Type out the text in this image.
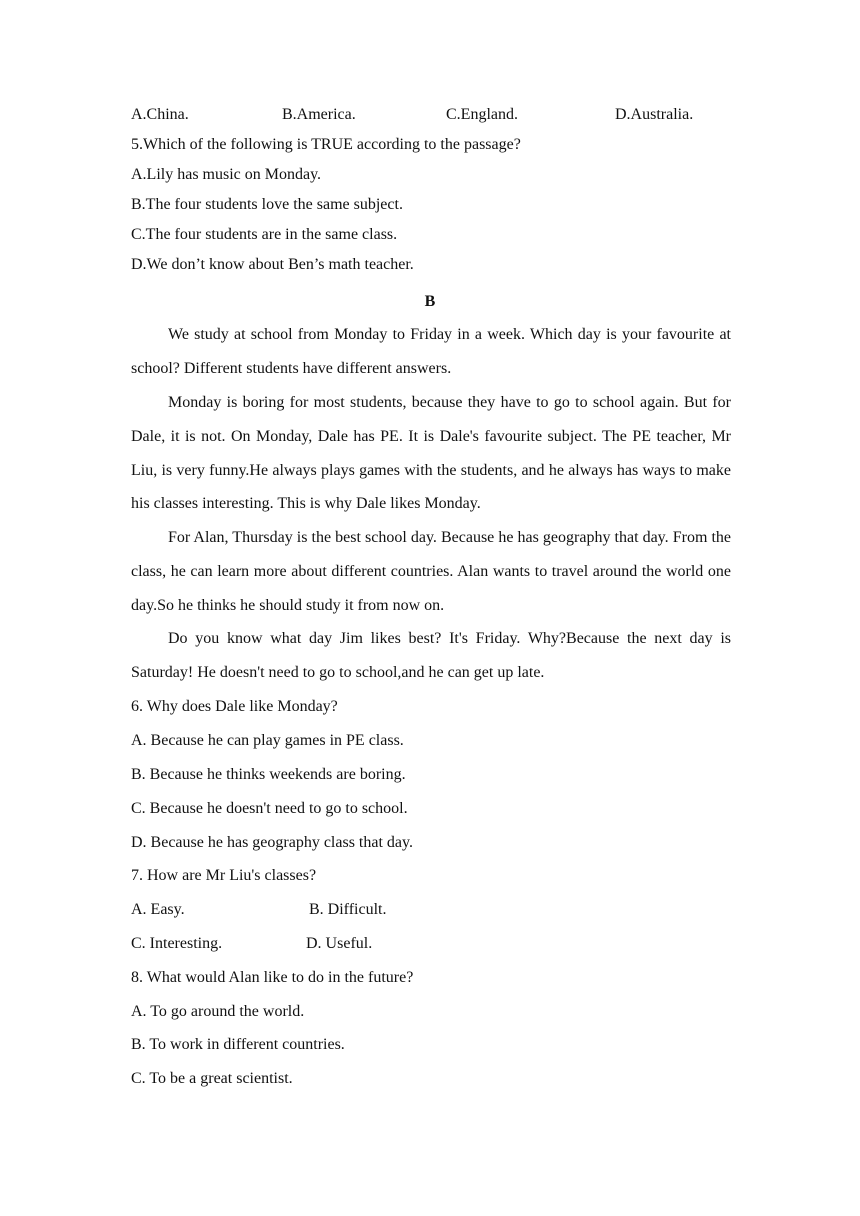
A.China.	B.America.	C.England.	D.Australia.
5.Which of the following is TRUE according to the passage?
A.Lily has music on Monday.
B.The four students love the same subject.
C.The four students are in the same class.
D.We don’t know about Ben’s math teacher.
B
We study at school from Monday to Friday in a week. Which day is your favourite at school? Different students have different answers.
Monday is boring for most students, because they have to go to school again. But for Dale, it is not. On Monday, Dale has PE. It is Dale's favourite subject. The PE teacher, Mr Liu, is very funny.He always plays games with the students, and he always has ways to make his classes interesting. This is why Dale likes Monday.
For Alan, Thursday is the best school day. Because he has geography that day. From the class, he can learn more about different countries. Alan wants to travel around the world one day.So he thinks he should study it from now on.
Do you know what day Jim likes best? It's Friday. Why?Because the next day is Saturday! He doesn't need to go to school,and he can get up late.
6. Why does Dale like Monday?
A. Because he can play games in PE class.
B. Because he thinks weekends are boring.
C. Because he doesn't need to go to school.
D. Because he has geography class that day.
7. How are Mr Liu's classes?
A. Easy.	B. Difficult.
C. Interesting.	D. Useful.
8. What would Alan like to do in the future?
A. To go around the world.
B. To work in different countries.
C. To be a great scientist.
